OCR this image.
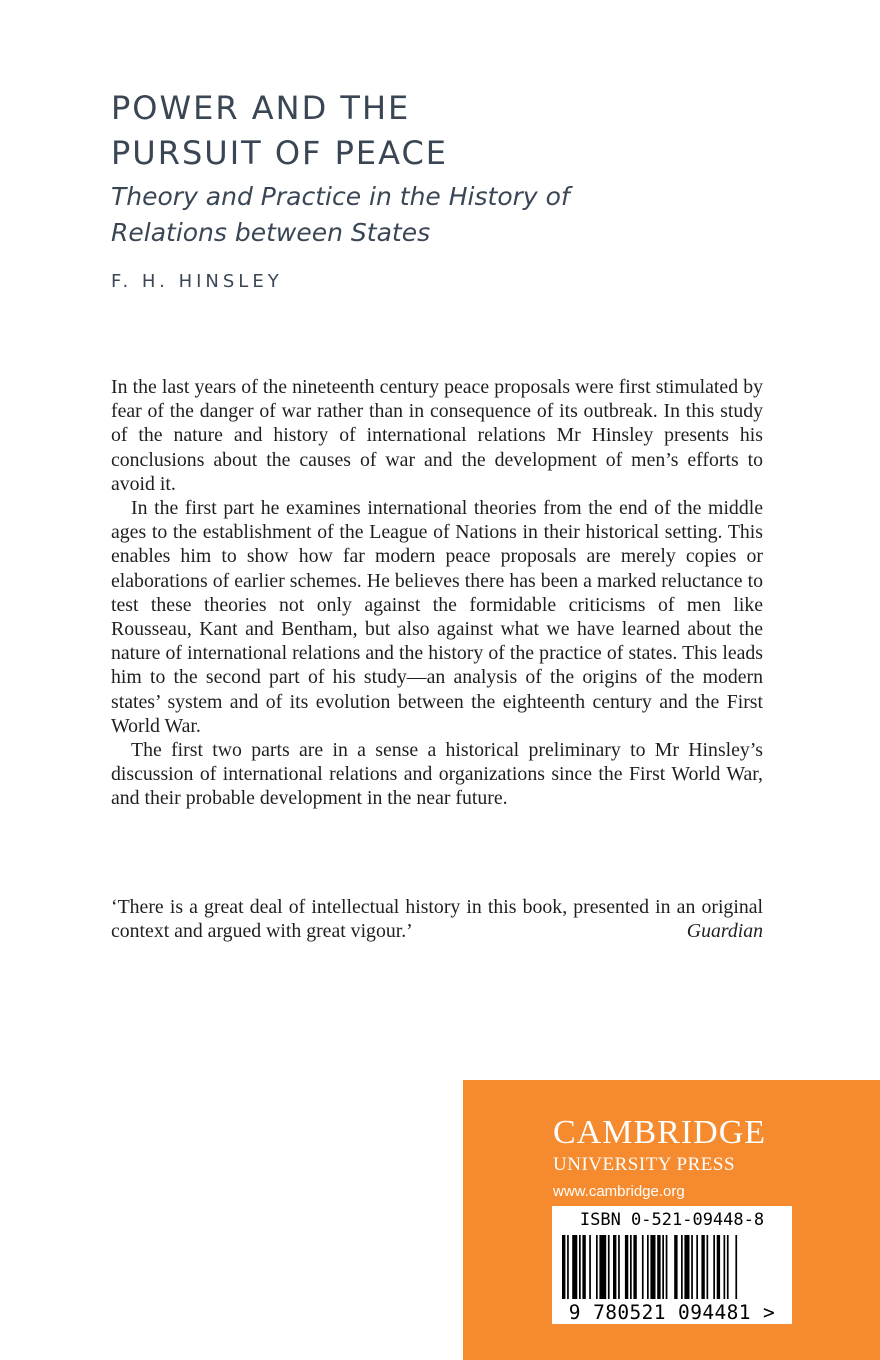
POWER AND THE
PURSUIT OF PEACE
Theory and Practice in the History of
Relations between States
F. H. HINSLEY

In the last years of the nineteenth century peace proposals were first stimulated by fear of the danger of war rather than in consequence of its outbreak. In this study of the nature and history of international relations Mr Hinsley presents his conclusions about the causes of war and the development of men’s efforts to avoid it.

In the first part he examines international theories from the end of the middle ages to the establishment of the League of Nations in their historical setting. This enables him to show how far modern peace proposals are merely copies or elaborations of earlier schemes. He believes there has been a marked reluctance to test these theories not only against the formidable criticisms of men like Rousseau, Kant and Bentham, but also against what we have learned about the nature of international relations and the history of the practice of states. This leads him to the second part of his study—an analysis of the origins of the modern states’ system and of its evolution between the eighteenth century and the First World War.

The first two parts are in a sense a historical preliminary to Mr Hinsley’s discussion of international relations and organizations since the First World War, and their probable development in the near future.

‘There is a great deal of intellectual history in this book, presented in an original context and argued with great vigour.’	Guardian
CAMBRIDGE
UNIVERSITY PRESS
www.cambridge.org
ISBN 0-521-09448-8
9 780521 094481 >
